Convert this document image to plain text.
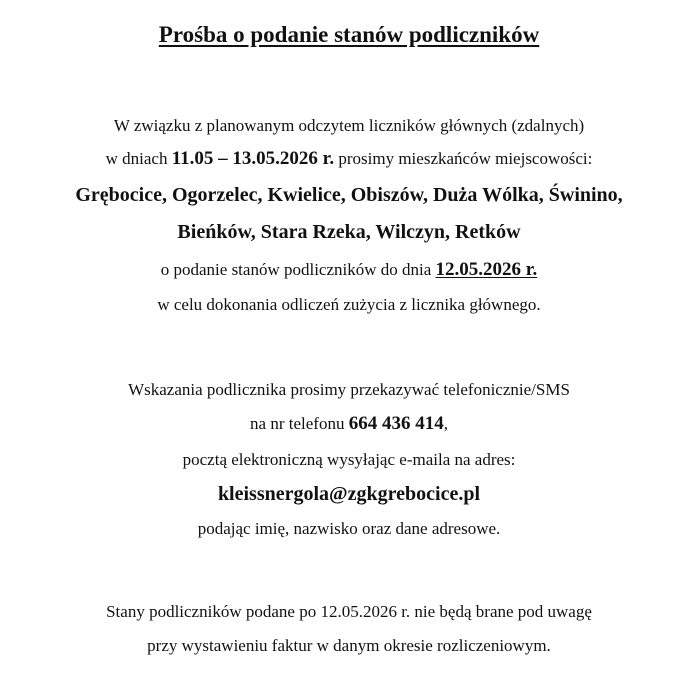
Prośba o podanie stanów podliczników
W związku z planowanym odczytem liczników głównych (zdalnych)
w dniach 11.05 – 13.05.2026 r. prosimy mieszkańców miejscowości:
Grębocice, Ogorzelec, Kwielice, Obiszów, Duża Wólka, Świnino,
Bieńków, Stara Rzeka, Wilczyn, Retków
o podanie stanów podliczników do dnia 12.05.2026 r.
w celu dokonania odliczeń zużycia z licznika głównego.
Wskazania podlicznika prosimy przekazywać telefonicznie/SMS
na nr telefonu 664 436 414,
pocztą elektroniczną wysyłając e-maila na adres:
kleissnergola@zgkgrebocice.pl
podając imię, nazwisko oraz dane adresowe.
Stany podliczników podane po 12.05.2026 r. nie będą brane pod uwagę
przy wystawieniu faktur w danym okresie rozliczeniowym.
